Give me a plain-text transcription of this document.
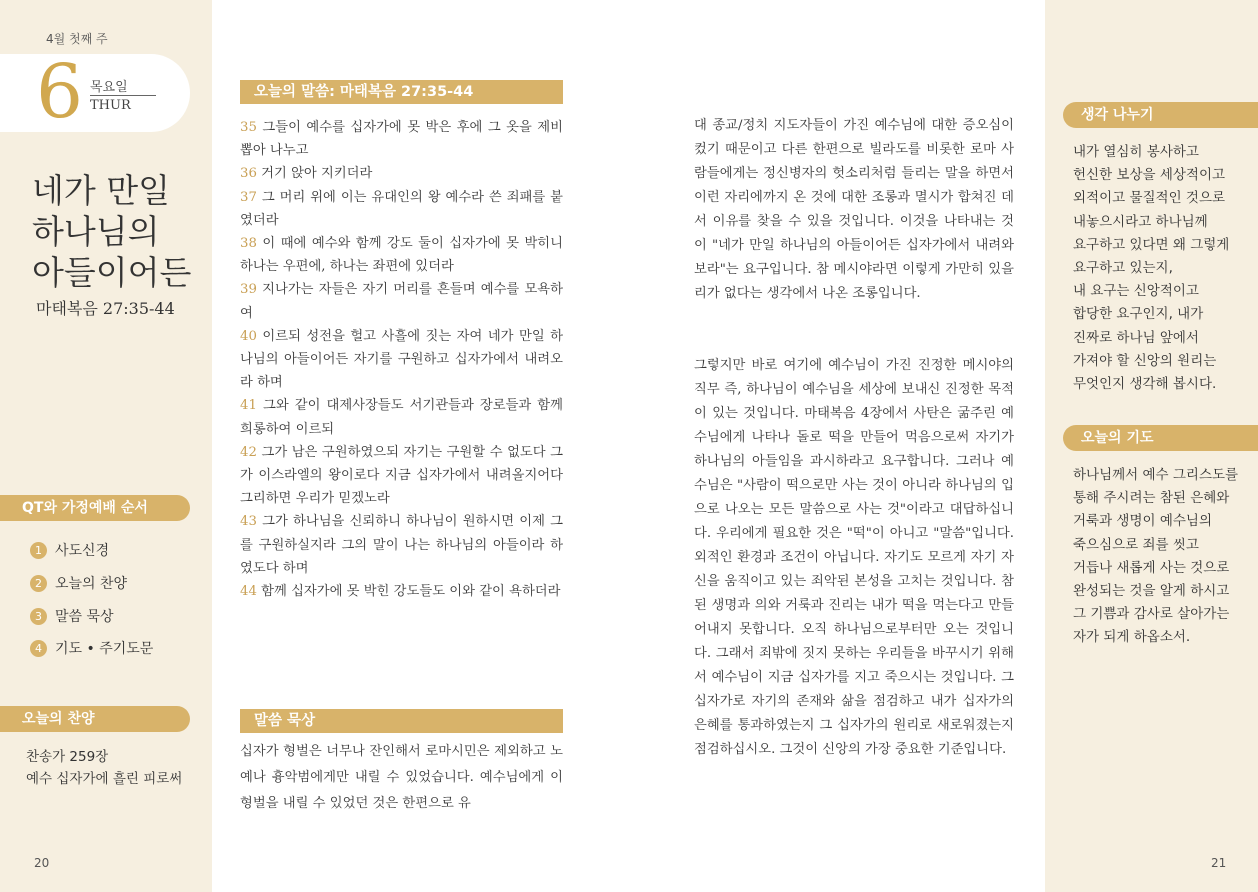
4월 첫째 주
6 목요일
THUR
네가 만일
하나님의
아들이어든
마태복음 27:35-44
QT와 가정예배 순서
1 사도신경
2 오늘의 찬양
3 말씀 묵상
4 기도 • 주기도문
오늘의 찬양
찬송가 259장
예수 십자가에 흘린 피로써
20	21
오늘의 말씀: 마태복음 27:35-44
35 그들이 예수를 십자가에 못 박은 후에 그 옷을 제비 뽑아 나누고
36 거기 앉아 지키더라
37 그 머리 위에 이는 유대인의 왕 예수라 쓴 죄패를 붙였더라
38 이 때에 예수와 함께 강도 둘이 십자가에 못 박히니 하나는 우편에, 하나는 좌편에 있더라
39 지나가는 자들은 자기 머리를 흔들며 예수를 모욕하여
40 이르되 성전을 헐고 사흘에 짓는 자여 네가 만일 하나님의 아들이어든 자기를 구원하고 십자가에서 내려오라 하며
41 그와 같이 대제사장들도 서기관들과 장로들과 함께 희롱하여 이르되
42 그가 남은 구원하였으되 자기는 구원할 수 없도다 그가 이스라엘의 왕이로다 지금 십자가에서 내려올지어다 그리하면 우리가 믿겠노라
43 그가 하나님을 신뢰하니 하나님이 원하시면 이제 그를 구원하실지라 그의 말이 나는 하나님의 아들이라 하였도다 하며
44 함께 십자가에 못 박힌 강도들도 이와 같이 욕하더라
말씀 묵상
십자가 형벌은 너무나 잔인해서 로마시민은 제외하고 노예나 흉악범에게만 내릴 수 있었습니다. 예수님에게 이 형벌을 내릴 수 있었던 것은 한편으로 유
대 종교/정치 지도자들이 가진 예수님에 대한 증오심이 컸기 때문이고 다른 한편으로 빌라도를 비롯한 로마 사람들에게는 정신병자의 헛소리처럼 들리는 말을 하면서 이런 자리에까지 온 것에 대한 조롱과 멸시가 합쳐진 데서 이유를 찾을 수 있을 것입니다. 이것을 나타내는 것이 "네가 만일 하나님의 아들이어든 십자가에서 내려와 보라"는 요구입니다. 참 메시야라면 이렇게 가만히 있을 리가 없다는 생각에서 나온 조롱입니다.
그렇지만 바로 여기에 예수님이 가진 진정한 메시야의 직무 즉, 하나님이 예수님을 세상에 보내신 진정한 목적이 있는 것입니다. 마태복음 4장에서 사탄은 굶주린 예수님에게 나타나 돌로 떡을 만들어 먹음으로써 자기가 하나님의 아들임을 과시하라고 요구합니다. 그러나 예수님은 "사람이 떡으로만 사는 것이 아니라 하나님의 입으로 나오는 모든 말씀으로 사는 것"이라고 대답하십니다. 우리에게 필요한 것은 "떡"이 아니고 "말씀"입니다. 외적인 환경과 조건이 아닙니다. 자기도 모르게 자기 자신을 움직이고 있는 죄악된 본성을 고치는 것입니다. 참된 생명과 의와 거룩과 진리는 내가 떡을 먹는다고 만들어내지 못합니다. 오직 하나님으로부터만 오는 것입니다. 그래서 죄밖에 짓지 못하는 우리들을 바꾸시기 위해서 예수님이 지금 십자가를 지고 죽으시는 것입니다. 그 십자가로 자기의 존재와 삶을 점검하고 내가 십자가의 은혜를 통과하였는지 그 십자가의 원리로 새로워졌는지 점검하십시오. 그것이 신앙의 가장 중요한 기준입니다.
생각 나누기
내가 열심히 봉사하고
헌신한 보상을 세상적이고
외적이고 물질적인 것으로
내놓으시라고 하나님께
요구하고 있다면 왜 그렇게
요구하고 있는지,
내 요구는 신앙적이고
합당한 요구인지, 내가
진짜로 하나님 앞에서
가져야 할 신앙의 원리는
무엇인지 생각해 봅시다.
오늘의 기도
하나님께서 예수 그리스도를
통해 주시려는 참된 은혜와
거룩과 생명이 예수님의
죽으심으로 죄를 씻고
거듭나 새롭게 사는 것으로
완성되는 것을 알게 하시고
그 기쁨과 감사로 살아가는
자가 되게 하옵소서.
